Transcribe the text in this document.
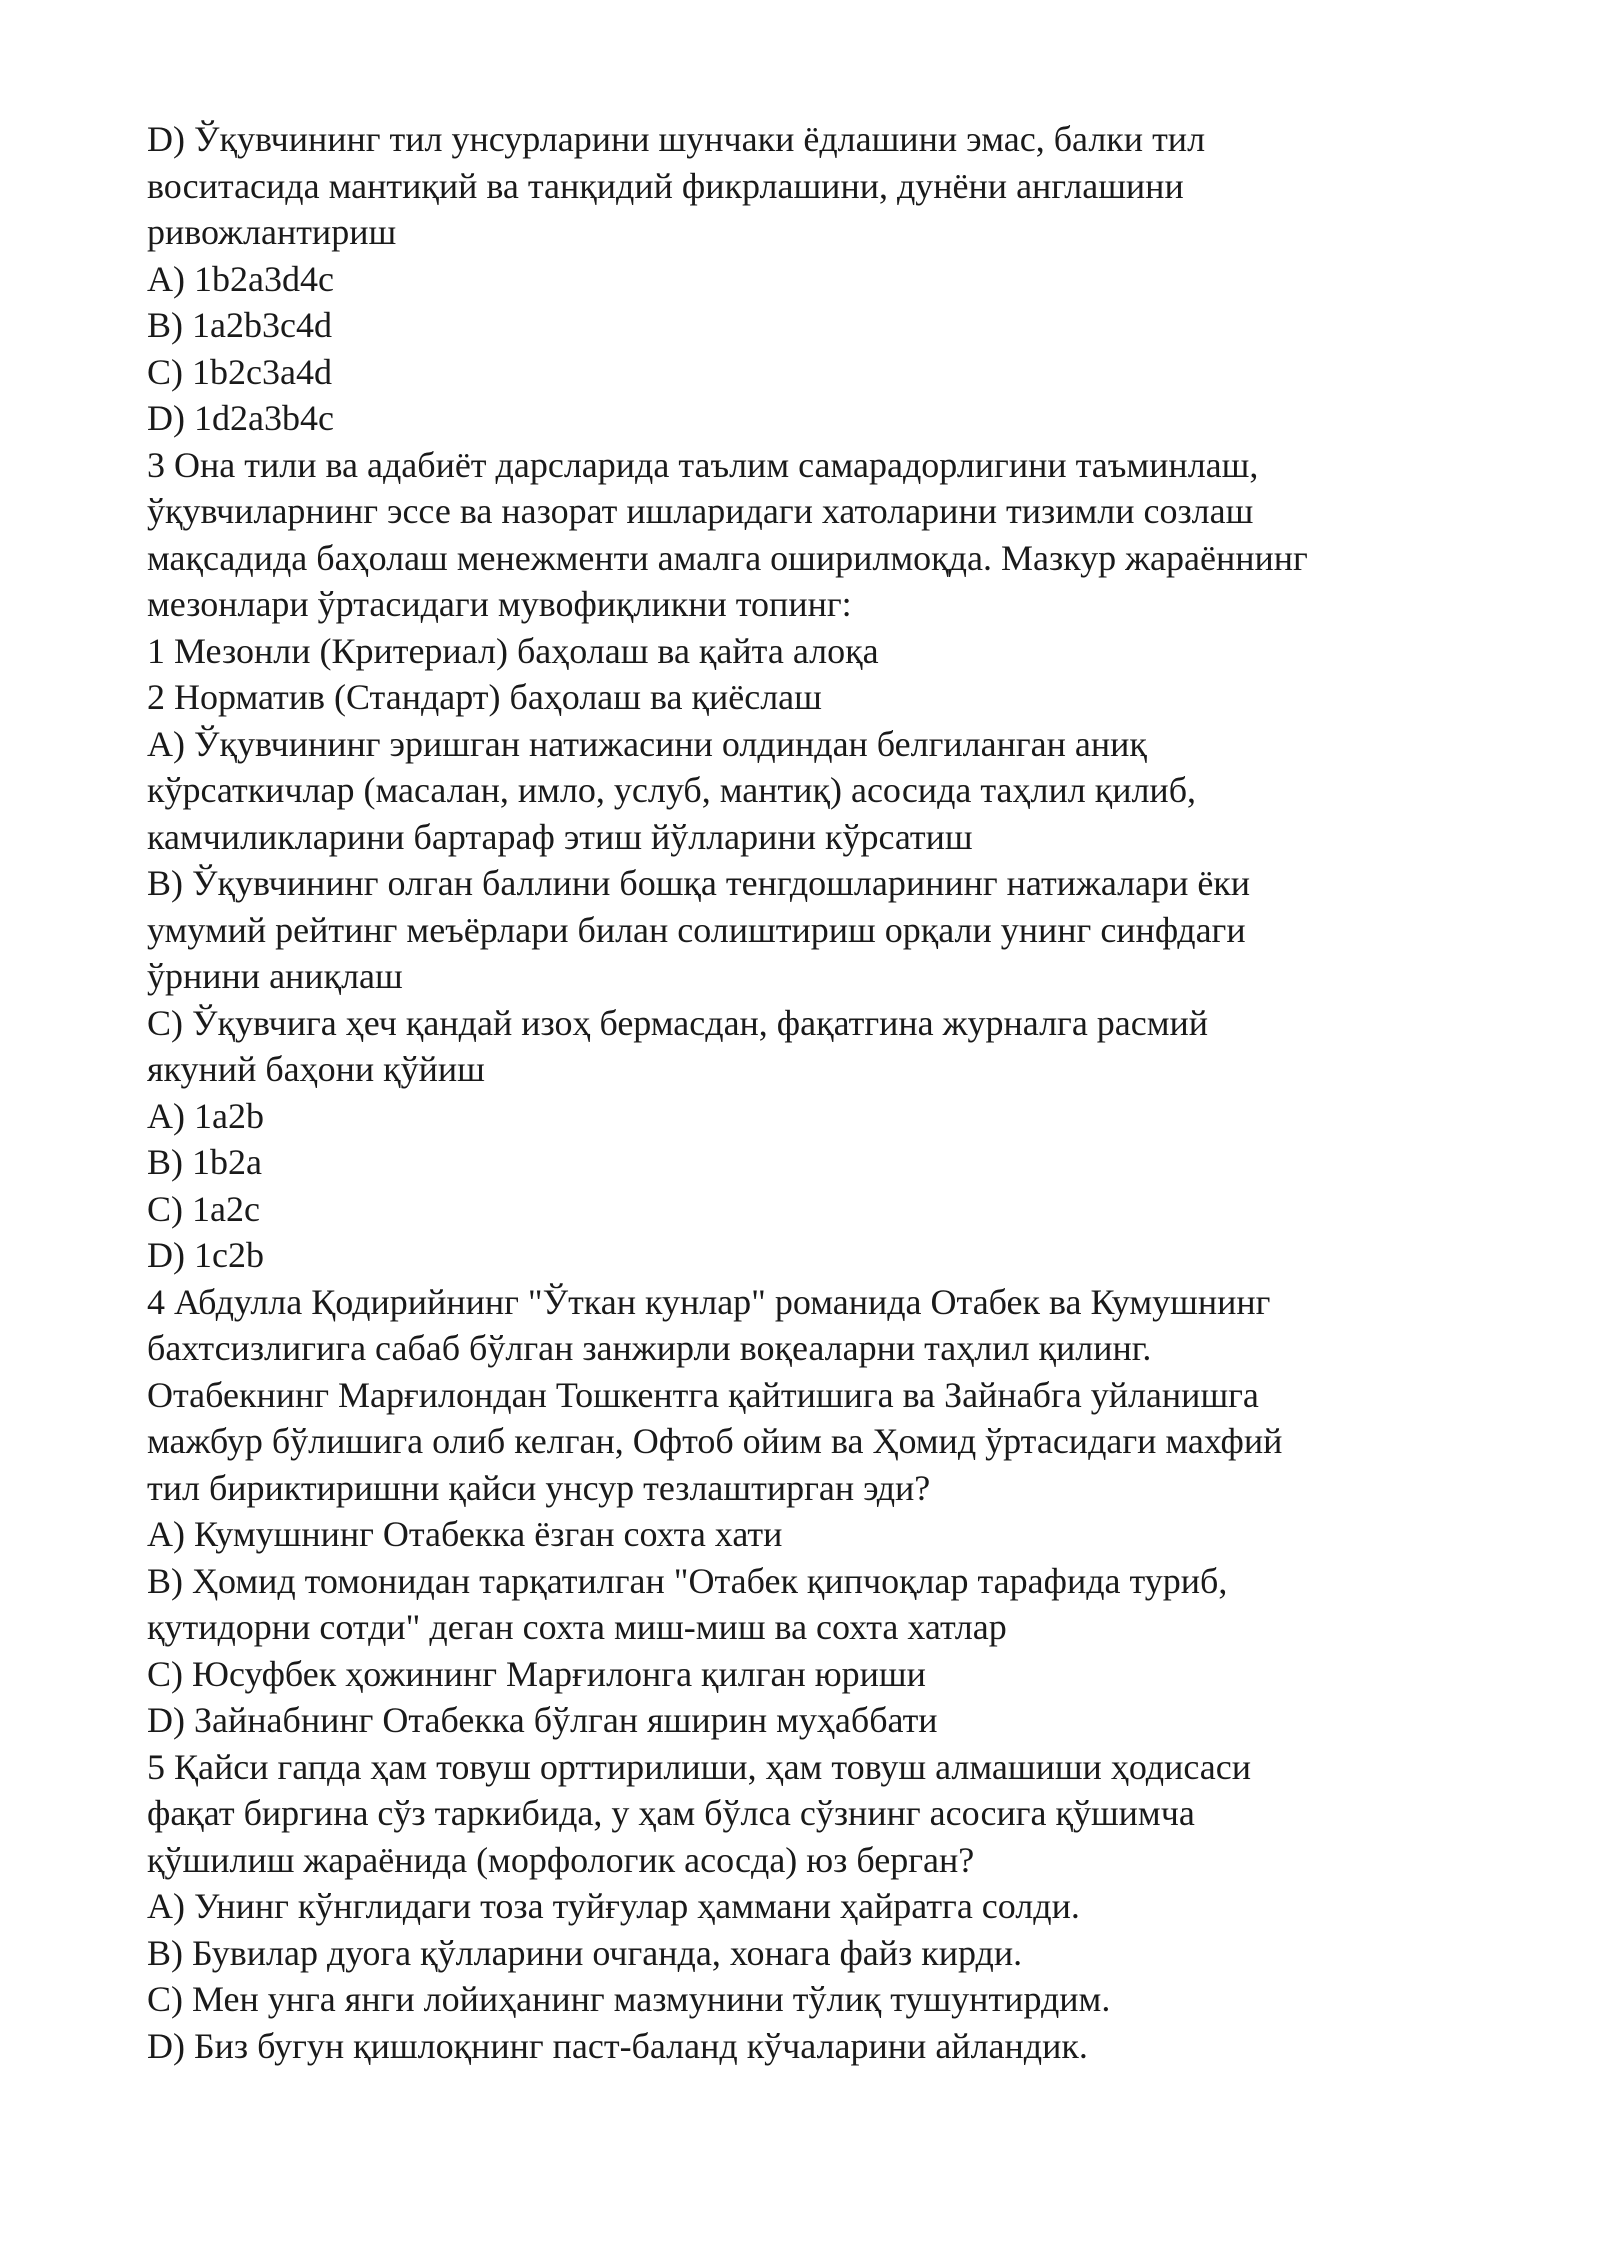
D) Ўқувчининг тил унсурларини шунчаки ёдлашини эмас, балки тил

воситасида мантиқий ва танқидий фикрлашини, дунёни англашини

ривожлантириш

A) 1b2a3d4c

B) 1a2b3c4d

C) 1b2c3a4d

D) 1d2a3b4c

3 Она тили ва адабиёт дарсларида таълим самарадорлигини таъминлаш,

ўқувчиларнинг эссе ва назорат ишларидаги хатоларини тизимли созлаш

мақсадида баҳолаш менежменти амалга оширилмоқда. Мазкур жараённинг

мезонлари ўртасидаги мувофиқликни топинг:

1 Мезонли (Критериал) баҳолаш ва қайта алоқа

2 Норматив (Стандарт) баҳолаш ва қиёслаш

A) Ўқувчининг эришган натижасини олдиндан белгиланган аниқ

кўрсаткичлар (масалан, имло, услуб, мантиқ) асосида таҳлил қилиб,

камчиликларини бартараф этиш йўлларини кўрсатиш

B) Ўқувчининг олган баллини бошқа тенгдошларининг натижалари ёки

умумий рейтинг меъёрлари билан солиштириш орқали унинг синфдаги

ўрнини аниқлаш

C) Ўқувчига ҳеч қандай изоҳ бермасдан, фақатгина журналга расмий

якуний баҳони қўйиш

A) 1a2b

B) 1b2a

C) 1a2c

D) 1c2b

4 Абдулла Қодирийнинг "Ўткан кунлар" романида Отабек ва Кумушнинг

бахтсизлигига сабаб бўлган занжирли воқеаларни таҳлил қилинг.

Отабекнинг Марғилондан Тошкентга қайтишига ва Зайнабга уйланишга

мажбур бўлишига олиб келган, Офтоб ойим ва Ҳомид ўртасидаги махфий

тил бириктиришни қайси унсур тезлаштирган эди?

A) Кумушнинг Отабекка ёзган сохта хати

B) Ҳомид томонидан тарқатилган "Отабек қипчоқлар тарафида туриб,

қутидорни сотди" деган сохта миш-миш ва сохта хатлар

C) Юсуфбек ҳожининг Марғилонга қилган юриши

D) Зайнабнинг Отабекка бўлган яширин муҳаббати

5 Қайси гапда ҳам товуш орттирилиши, ҳам товуш алмашиши ҳодисаси

фақат биргина сўз таркибида, у ҳам бўлса сўзнинг асосига қўшимча

қўшилиш жараёнида (морфологик асосда) юз берган?

A) Унинг кўнглидаги тоза туйғулар ҳаммани ҳайратга солди.

B) Бувилар дуога қўлларини очганда, хонага файз кирди.

C) Мен унга янги лойиҳанинг мазмунини тўлиқ тушунтирдим.

D) Биз бугун қишлоқнинг паст-баланд кўчаларини айландик.
